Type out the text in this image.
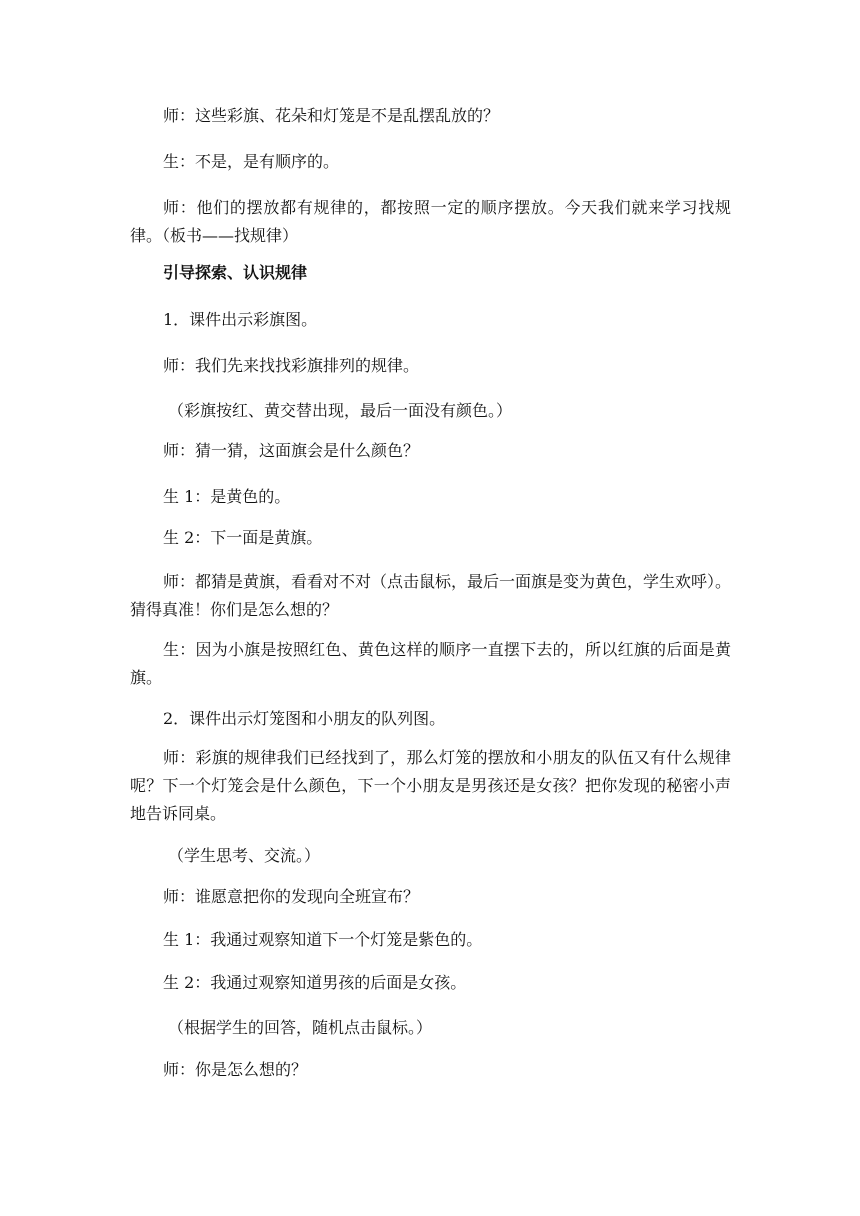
师：这些彩旗、花朵和灯笼是不是乱摆乱放的？

生：不是，是有顺序的。

师：他们的摆放都有规律的，都按照一定的顺序摆放。今天我们就来学习找规律。（板书——找规律）

引导探索、认识规律

1．课件出示彩旗图。

师：我们先来找找彩旗排列的规律。

（彩旗按红、黄交替出现，最后一面没有颜色。）

师：猜一猜，这面旗会是什么颜色？

生 1：是黄色的。

生 2：下一面是黄旗。

师：都猜是黄旗，看看对不对（点击鼠标，最后一面旗是变为黄色，学生欢呼）。猜得真准！你们是怎么想的？

生：因为小旗是按照红色、黄色这样的顺序一直摆下去的，所以红旗的后面是黄旗。

2．课件出示灯笼图和小朋友的队列图。

师：彩旗的规律我们已经找到了，那么灯笼的摆放和小朋友的队伍又有什么规律呢？下一个灯笼会是什么颜色，下一个小朋友是男孩还是女孩？把你发现的秘密小声地告诉同桌。

（学生思考、交流。）

师：谁愿意把你的发现向全班宣布？

生 1：我通过观察知道下一个灯笼是紫色的。

生 2：我通过观察知道男孩的后面是女孩。

（根据学生的回答，随机点击鼠标。）

师：你是怎么想的？
